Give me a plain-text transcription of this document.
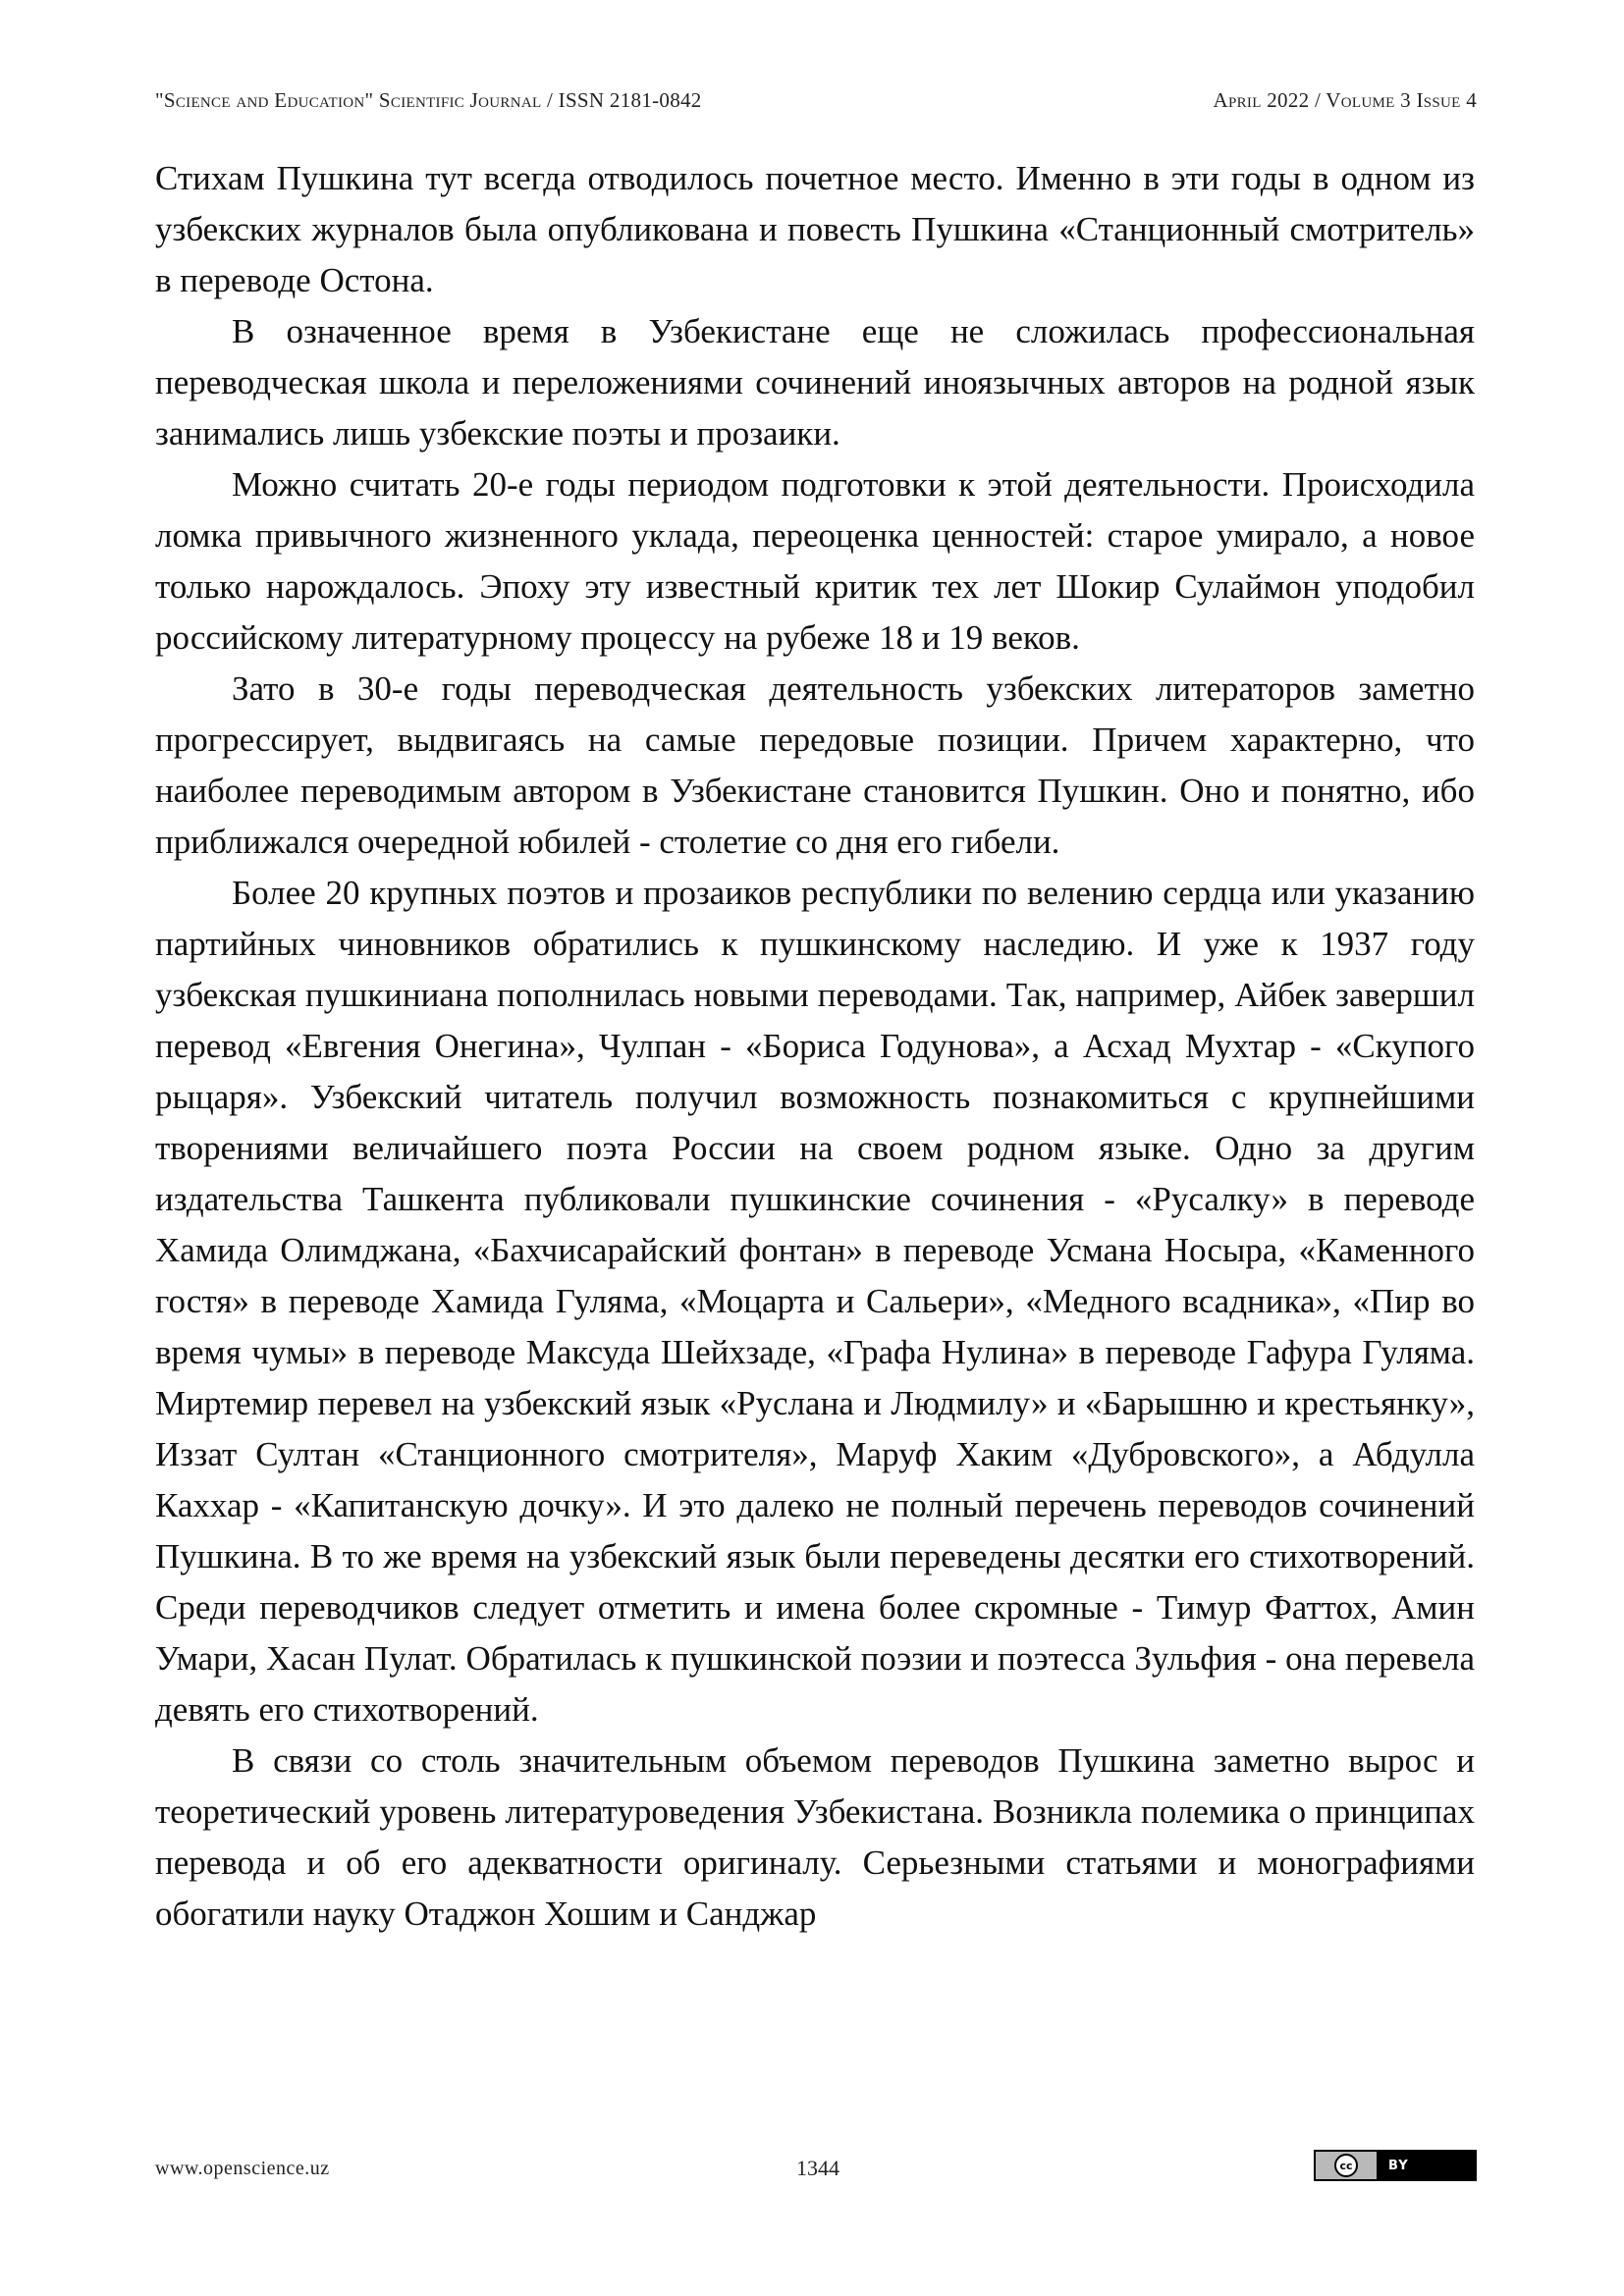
"Science and Education" Scientific Journal / ISSN 2181-0842	April 2022 / Volume 3 Issue 4

Стихам Пушкина тут всегда отводилось почетное место. Именно в эти годы в одном из узбекских журналов была опубликована и повесть Пушкина «Станционный смотритель» в переводе Остона.

В означенное время в Узбекистане еще не сложилась профессиональная переводческая школа и переложениями сочинений иноязычных авторов на родной язык занимались лишь узбекские поэты и прозаики.

Можно считать 20-е годы периодом подготовки к этой деятельности. Происходила ломка привычного жизненного уклада, переоценка ценностей: старое умирало, а новое только нарождалось. Эпоху эту известный критик тех лет Шокир Сулаймон уподобил российскому литературному процессу на рубеже 18 и 19 веков.

Зато в 30-е годы переводческая деятельность узбекских литераторов заметно прогрессирует, выдвигаясь на самые передовые позиции. Причем характерно, что наиболее переводимым автором в Узбекистане становится Пушкин. Оно и понятно, ибо приближался очередной юбилей - столетие со дня его гибели.

Более 20 крупных поэтов и прозаиков республики по велению сердца или указанию партийных чиновников обратились к пушкинскому наследию. И уже к 1937 году узбекская пушкиниана пополнилась новыми переводами. Так, например, Айбек завершил перевод «Евгения Онегина», Чулпан - «Бориса Годунова», а Асхад Мухтар - «Скупого рыцаря». Узбекский читатель получил возможность познакомиться с крупнейшими творениями величайшего поэта России на своем родном языке. Одно за другим издательства Ташкента публиковали пушкинские сочинения - «Русалку» в переводе Хамида Олимджана, «Бахчисарайский фонтан» в переводе Усмана Носыра, «Каменного гостя» в переводе Хамида Гуляма, «Моцарта и Сальери», «Медного всадника», «Пир во время чумы» в переводе Максуда Шейхзаде, «Графа Нулина» в переводе Гафура Гуляма. Миртемир перевел на узбекский язык «Руслана и Людмилу» и «Барышню и крестьянку», Иззат Султан «Станционного смотрителя», Маруф Хаким «Дубровского», а Абдулла Каххар - «Капитанскую дочку». И это далеко не полный перечень переводов сочинений Пушкина. В то же время на узбекский язык были переведены десятки его стихотворений. Среди переводчиков следует отметить и имена более скромные - Тимур Фаттох, Амин Умари, Хасан Пулат. Обратилась к пушкинской поэзии и поэтесса Зульфия - она перевела девять его стихотворений.

В связи со столь значительным объемом переводов Пушкина заметно вырос и теоретический уровень литературоведения Узбекистана. Возникла полемика о принципах перевода и об его адекватности оригиналу. Серьезными статьями и монографиями обогатили науку Отаджон Хошим и Санджар

www.openscience.uz	1344	cc	BY
